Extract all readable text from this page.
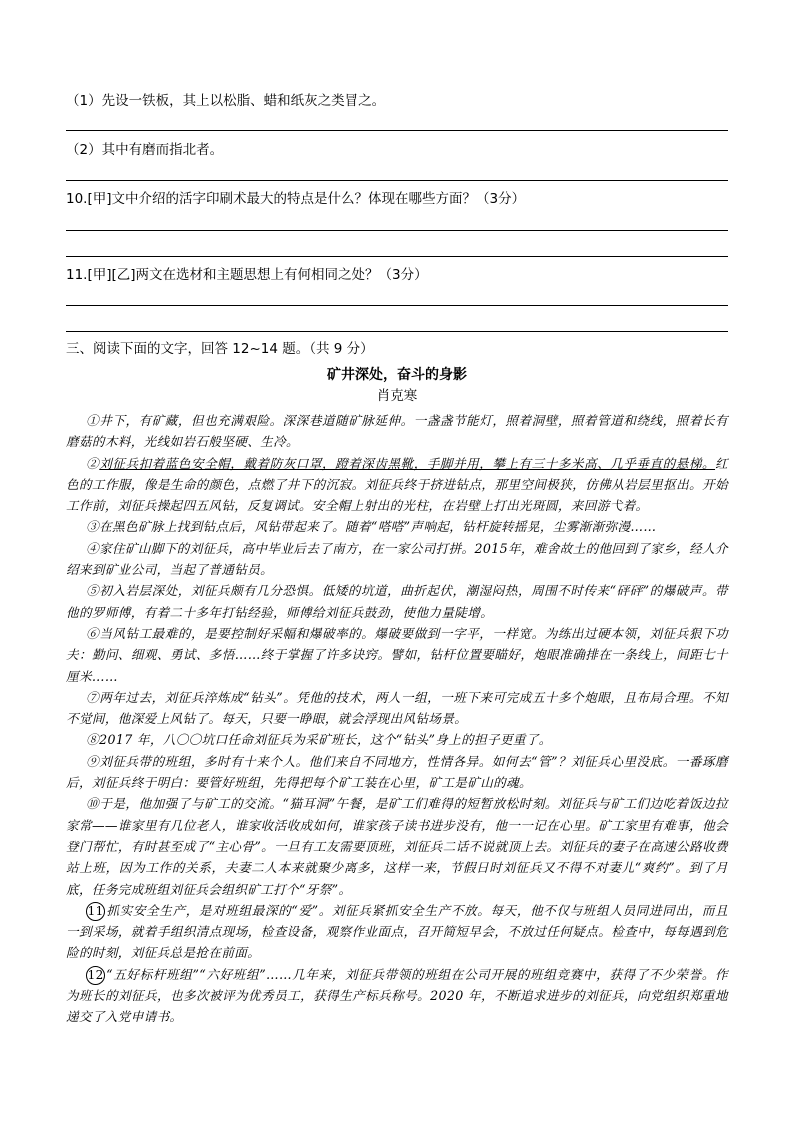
（1）先设一铁板，其上以松脂、蜡和纸灰之类冒之。
（2）其中有磨而指北者。
10.[甲]文中介绍的活字印刷术最大的特点是什么？体现在哪些方面？（3分）
11.[甲][乙]两文在选材和主题思想上有何相同之处？（3分）
三、阅读下面的文字，回答 12~14 题。（共 9 分）
矿井深处，奋斗的身影
肖克寒

①井下，有矿藏，但也充满艰险。深深巷道随矿脉延伸。一盏盏节能灯，照着洞壁，照着管道和绕线，照着长有磨菇的木料，光线如岩石般坚硬、生冷。

②刘征兵扣着蓝色安全帽，戴着防灰口罩，蹬着深齿黑靴，手脚并用，攀上有三十多米高、几乎垂直的悬梯。红色的工作服，像是生命的颜色，点燃了井下的沉寂。刘征兵终于挤进钻点，那里空间极狭，仿佛从岩层里抠出。开始工作前，刘征兵操起四五风钻，反复调试。安全帽上射出的光柱，在岩壁上打出光斑圆，来回游弋着。

③在黑色矿脉上找到钻点后，风钻带起来了。随着“嗒嗒”声响起，钻杆旋转摇晃，尘雾渐渐弥漫……

④家住矿山脚下的刘征兵，高中毕业后去了南方，在一家公司打拼。2015年，难舍故土的他回到了家乡，经人介绍来到矿业公司，当起了普通钻员。

⑤初入岩层深处，刘征兵颇有几分恐惧。低矮的坑道，曲折起伏，潮湿闷热，周围不时传来“砰砰”的爆破声。带他的罗师傅，有着二十多年打钻经验，师傅给刘征兵鼓劲，使他力量陡增。

⑥当风钻工最难的，是要控制好采幅和爆破率的。爆破要做到一字平，一样宽。为练出过硬本领，刘征兵狠下功夫：勤问、细观、勇试、多悟……终于掌握了许多诀窍。譬如，钻杆位置要瞄好，炮眼准确排在一条线上，间距七十厘米……

⑦两年过去，刘征兵淬炼成“钻头”。凭他的技术，两人一组，一班下来可完成五十多个炮眼，且布局合理。不知不觉间，他深爱上风钻了。每天，只要一睁眼，就会浮现出风钻场景。

⑧2017 年，八〇〇坑口任命刘征兵为采矿班长，这个“钻头”身上的担子更重了。

⑨刘征兵带的班组，多时有十来个人。他们来自不同地方，性情各异。如何去“管”？刘征兵心里没底。一番琢磨后，刘征兵终于明白：要管好班组，先得把每个矿工装在心里，矿工是矿山的魂。

⑩于是，他加强了与矿工的交流。“猫耳洞”午餐，是矿工们难得的短暂放松时刻。刘征兵与矿工们边吃着饭边拉家常——谁家里有几位老人，谁家收活收成如何，谁家孩子读书进步没有，他一一记在心里。矿工家里有难事，他会登门帮忙，有时甚至成了“主心骨”。一旦有工友需要顶班，刘征兵二话不说就顶上去。刘征兵的妻子在高速公路收费站上班，因为工作的关系，夫妻二人本来就聚少离多，这样一来，节假日时刘征兵又不得不对妻儿“爽约”。到了月底，任务完成班组刘征兵会组织矿工打个“牙祭”。

11 抓实安全生产，是对班组最深的“爱”。刘征兵紧抓安全生产不放。每天，他不仅与班组人员同进同出，而且一到采场，就着手组织清点现场，检查设备，观察作业面点，召开简短早会，不放过任何疑点。检查中，每每遇到危险的时刻，刘征兵总是抢在前面。

12 “五好标杆班组”“六好班组”……几年来，刘征兵带领的班组在公司开展的班组竞赛中，获得了不少荣誉。作为班长的刘征兵，也多次被评为优秀员工，获得生产标兵称号。2020 年，不断追求进步的刘征兵，向党组织郑重地递交了入党申请书。
